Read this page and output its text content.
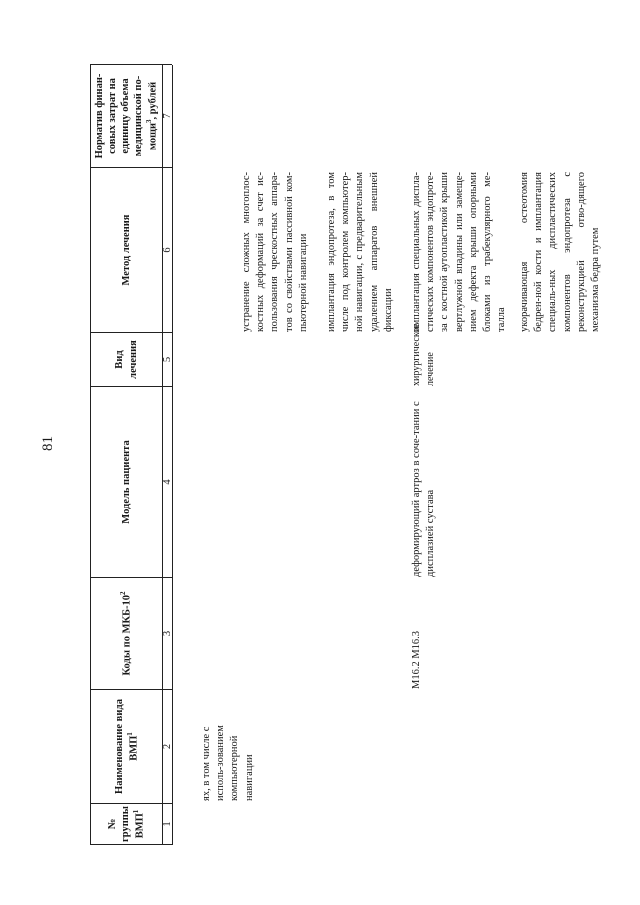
81
№ группы ВМП$^1$
Наименование вида ВМП$^1$
Коды по МКБ-$10^2$
Модель пациента
Вид лечения
Метод лечения
Норматив финан-совых затрат на единицу объема медицинской по-мощи$^3$, рублей
1
2
3
4
5
6
7
ях, в том числе с исполь-зованием компьютерной навигации
устранение сложных многоплос-костных деформаций за счет ис-пользования чрескостных аппара-тов со свойствами пассивной ком-пьютерной навигации имплантация эндопротеза, в том числе под контролем компьютер-ной навигации, с предварительным удалением аппаратов внешней фиксации
M16.2 M16.3
деформирующий артроз в соче-тании с дисплазией сустава
хирургическое лечение
имплантация специальных диспла-стических компонентов эндопроте-за с костной аутопластикой крыши вертлужной впадины или замеще-нием дефекта крыши опорными блоками из трабекулярного ме-талла укорачивающая остеотомия бедрен-ной кости и имплантация специаль-ных диспластических компонентов эндопротеза с реконструкцией отво-дящего механизма бедра путем
